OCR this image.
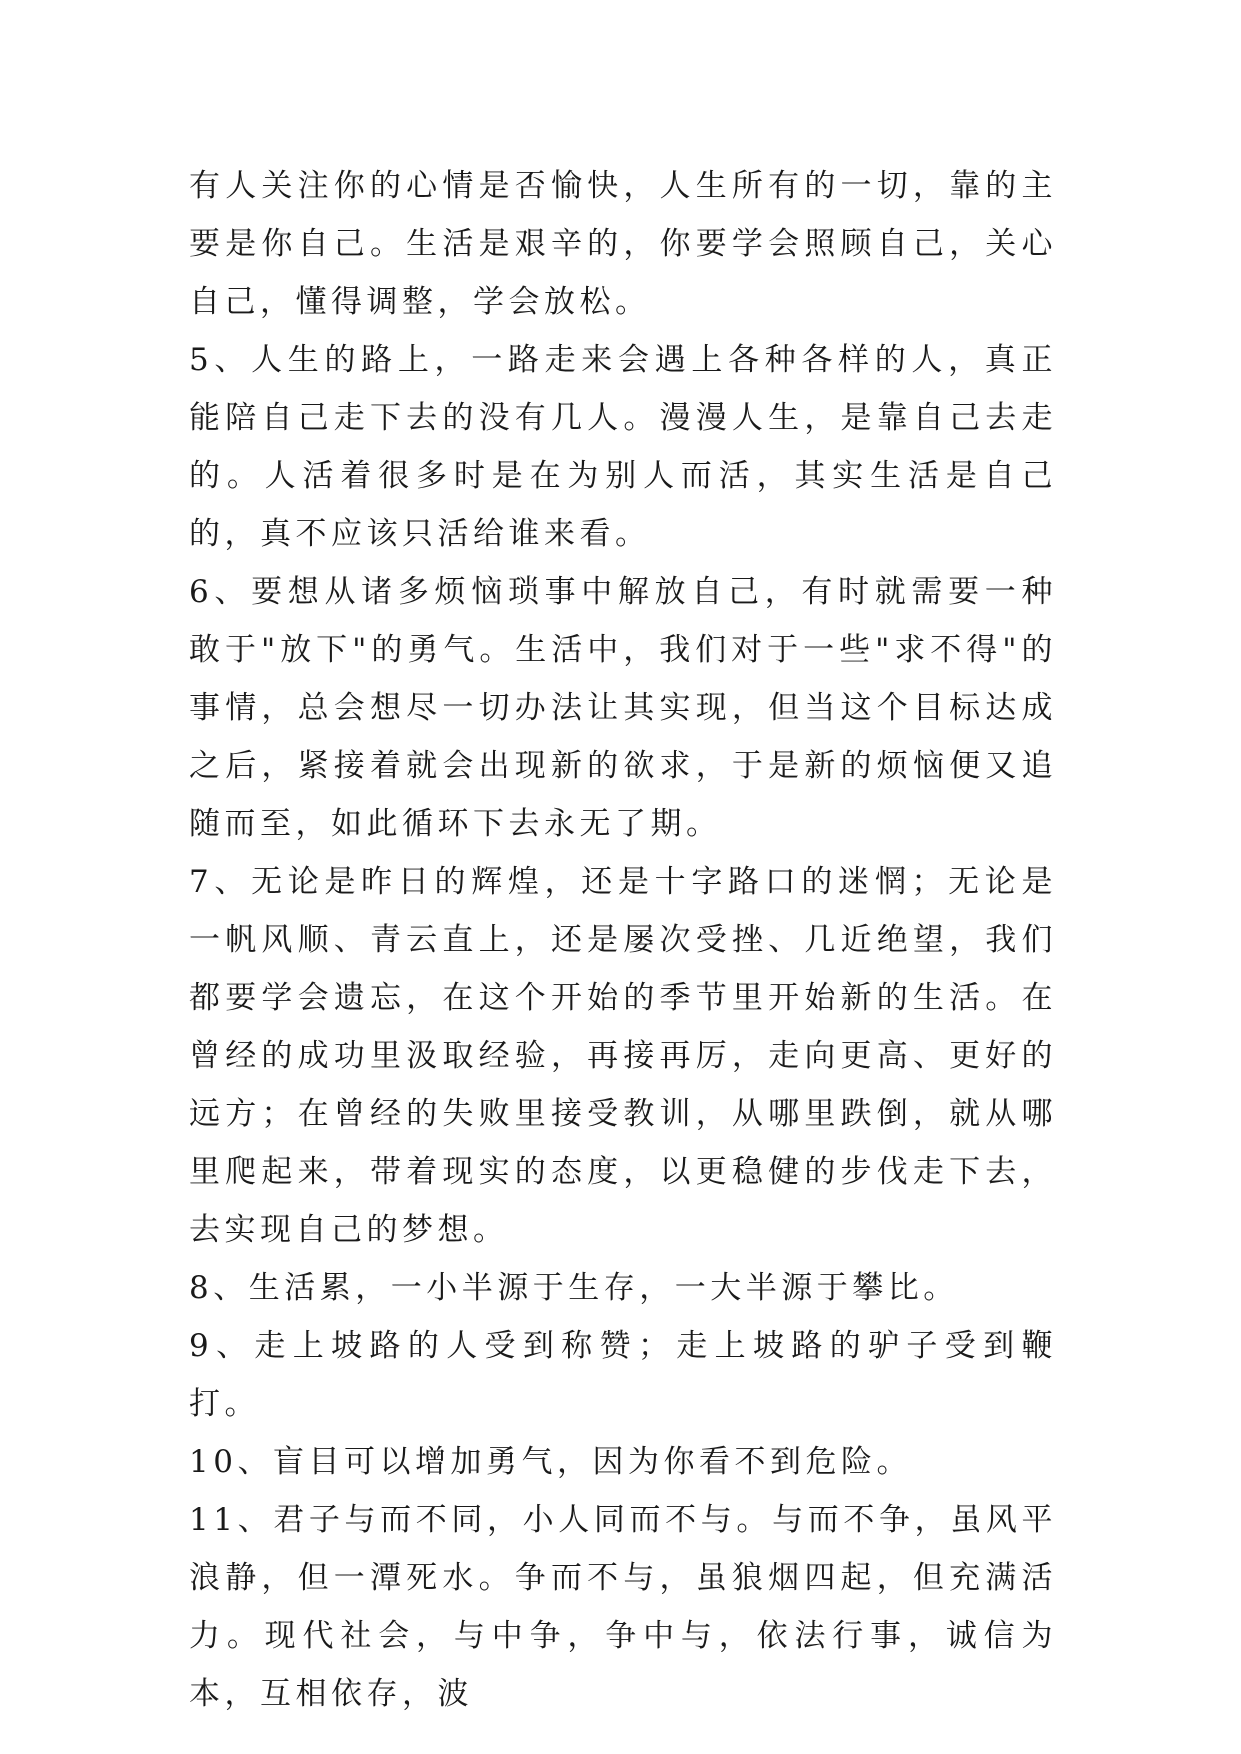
有人关注你的心情是否愉快，人生所有的一切，靠的主要是你自己。生活是艰辛的，你要学会照顾自己，关心自己，懂得调整，学会放松。

5、人生的路上，一路走来会遇上各种各样的人，真正能陪自己走下去的没有几人。漫漫人生，是靠自己去走的。人活着很多时是在为别人而活，其实生活是自己的，真不应该只活给谁来看。

6、要想从诸多烦恼琐事中解放自己，有时就需要一种敢于"放下"的勇气。生活中，我们对于一些"求不得"的事情，总会想尽一切办法让其实现，但当这个目标达成之后，紧接着就会出现新的欲求，于是新的烦恼便又追随而至，如此循环下去永无了期。

7、无论是昨日的辉煌，还是十字路口的迷惘；无论是一帆风顺、青云直上，还是屡次受挫、几近绝望，我们都要学会遗忘，在这个开始的季节里开始新的生活。在曾经的成功里汲取经验，再接再厉，走向更高、更好的远方；在曾经的失败里接受教训，从哪里跌倒，就从哪里爬起来，带着现实的态度，以更稳健的步伐走下去，去实现自己的梦想。

8、生活累，一小半源于生存，一大半源于攀比。

9、走上坡路的人受到称赞；走上坡路的驴子受到鞭打。

10、盲目可以增加勇气，因为你看不到危险。

11、君子与而不同，小人同而不与。与而不争，虽风平浪静，但一潭死水。争而不与，虽狼烟四起，但充满活力。现代社会，与中争，争中与，依法行事，诚信为本，互相依存，波
